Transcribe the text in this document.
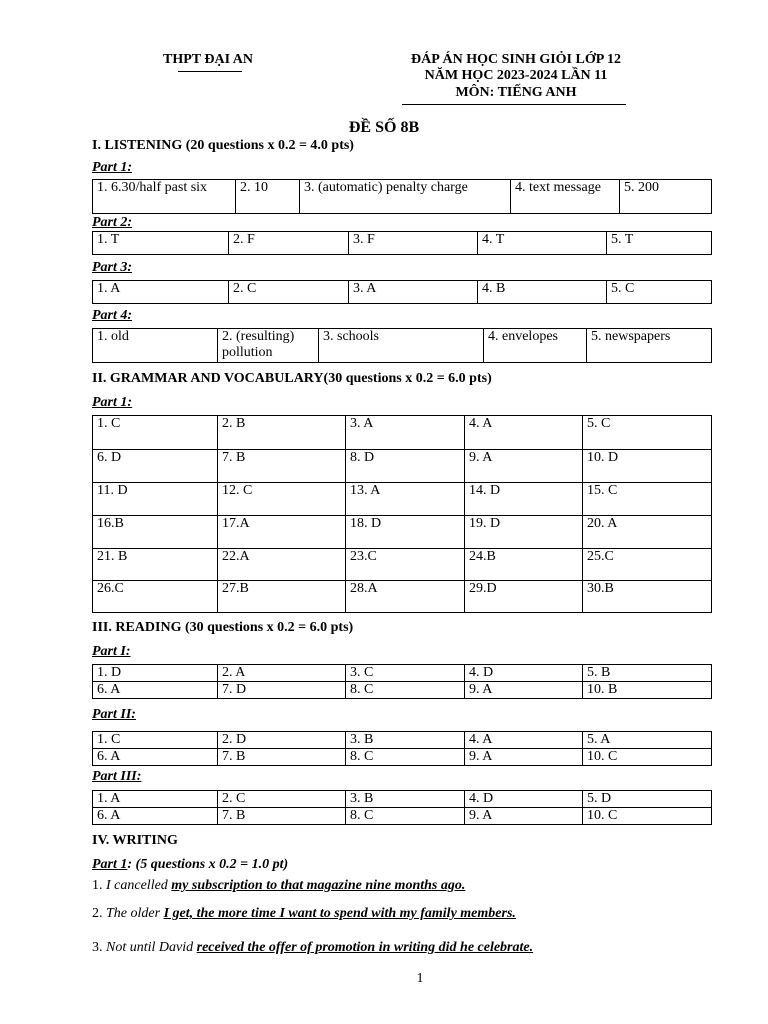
THPT ĐẠI AN	ĐÁP ÁN HỌC SINH GIỎI LỚP 12
NĂM HỌC 2023-2024 LẦN 11
MÔN: TIẾNG ANH
ĐỀ SỐ 8B
I. LISTENING (20 questions x 0.2 = 4.0 pts)
Part 1:
1. 6.30/half past six	2. 10	3. (automatic) penalty charge	4. text message	5. 200
Part 2:
1. T	2. F	3. F	4. T	5. T
Part 3:
1. A	2. C	3. A	4. B	5. C
Part 4:
1. old	2. (resulting) pollution	3. schools	4. envelopes	5. newspapers
II. GRAMMAR AND VOCABULARY(30 questions x 0.2 = 6.0 pts)
Part 1:
1. C	2. B	3. A	4. A	5. C
6. D	7. B	8. D	9. A	10. D
11. D	12. C	13. A	14. D	15. C
16.B	17.A	18. D	19. D	20. A
21. B	22.A	23.C	24.B	25.C
26.C	27.B	28.A	29.D	30.B
III. READING (30 questions x 0.2 = 6.0 pts)
Part I:
1. D	2. A	3. C	4. D	5. B
6. A	7. D	8. C	9. A	10. B
Part II:
1. C	2. D	3. B	4. A	5. A
6. A	7. B	8. C	9. A	10. C
Part III:
1. A	2. C	3. B	4. D	5. D
6. A	7. B	8. C	9. A	10. C
IV. WRITING
Part 1: (5 questions x 0.2 = 1.0 pt)
1. I cancelled my subscription to that magazine nine months ago.
2. The older I get, the more time I want to spend with my family members.
3. Not until David received the offer of promotion in writing did he celebrate.
1
